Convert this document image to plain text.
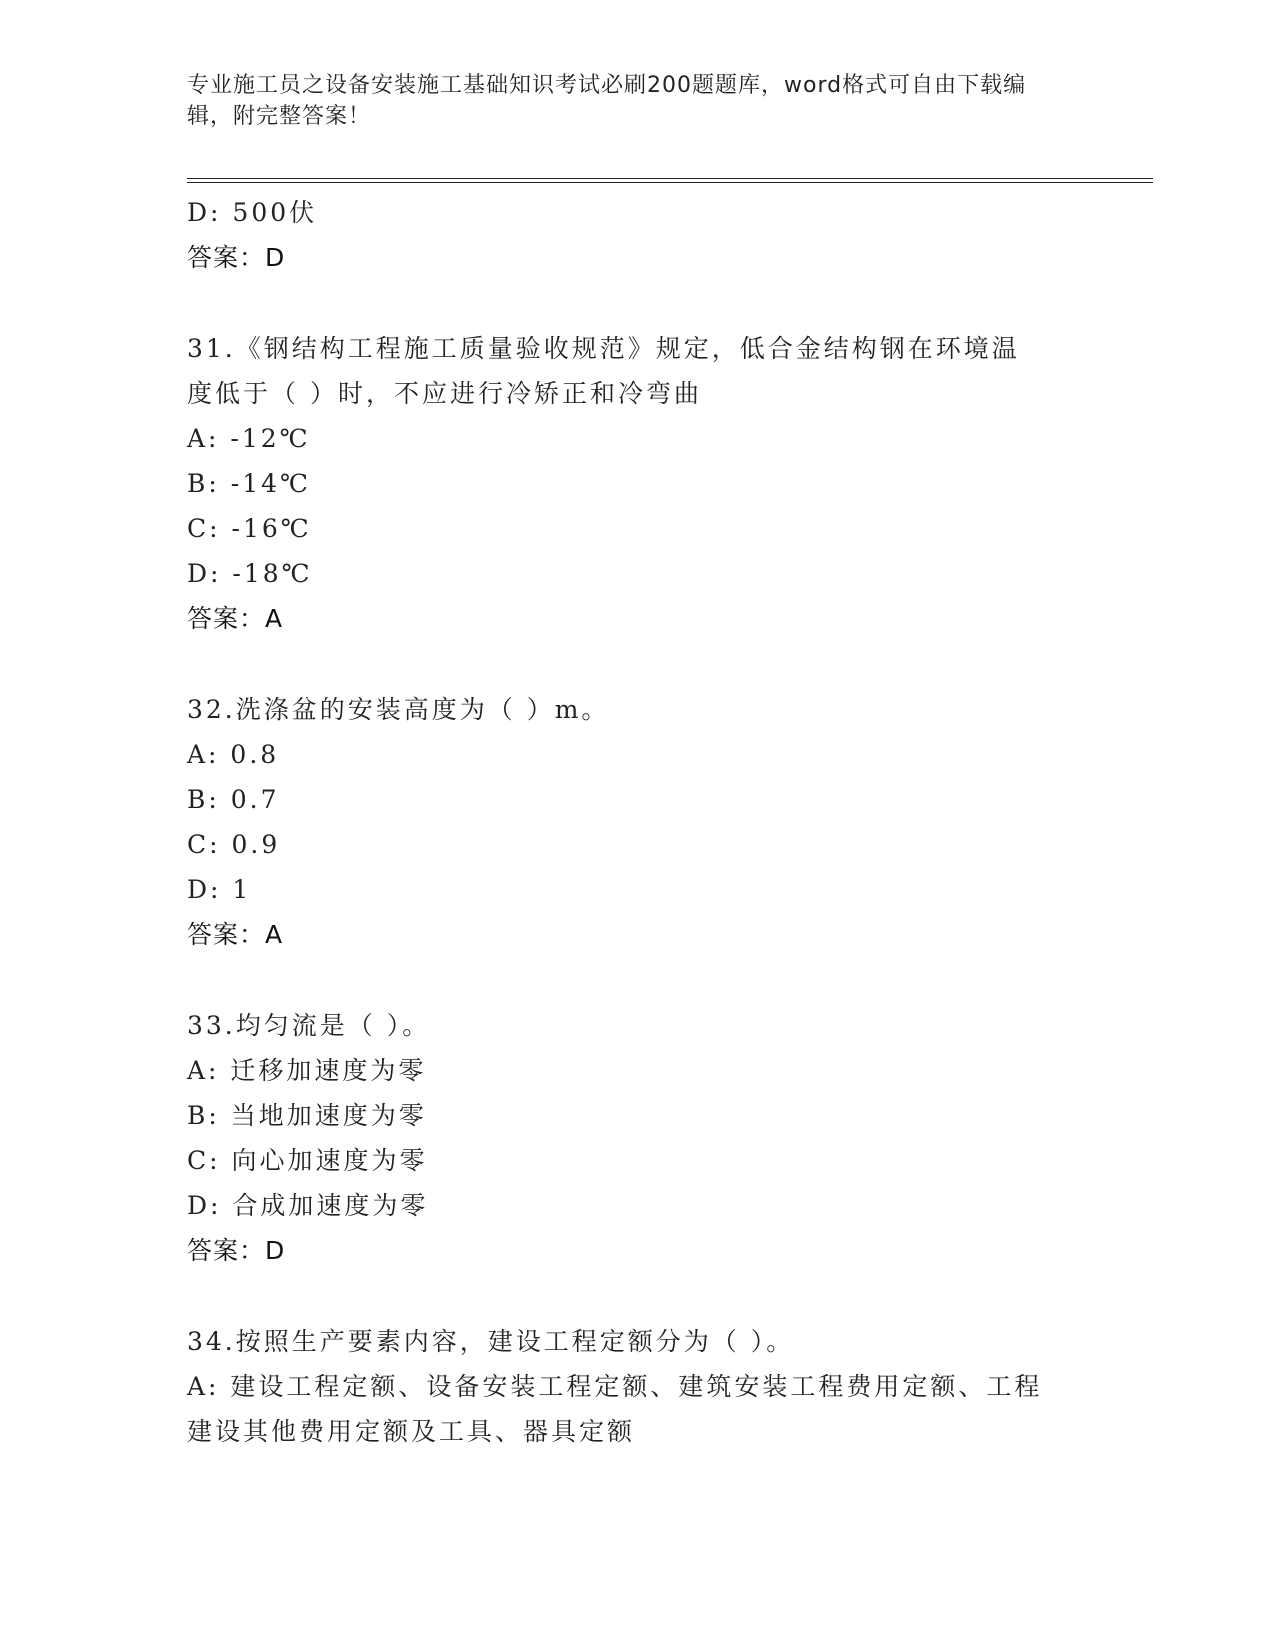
专业施工员之设备安装施工基础知识考试必刷200题题库，word格式可自由下载编辑，附完整答案！
D: 500伏
答案：D
31.《钢结构工程施工质量验收规范》规定，低合金结构钢在环境温度低于（ ）时，不应进行冷矫正和冷弯曲
A: -12℃
B: -14℃
C: -16℃
D: -18℃
答案：A
32.洗涤盆的安装高度为（ ）m。
A: 0.8
B: 0.7
C: 0.9
D: 1
答案：A
33.均匀流是（ ）。
A: 迁移加速度为零
B: 当地加速度为零
C: 向心加速度为零
D: 合成加速度为零
答案：D
34.按照生产要素内容，建设工程定额分为（ ）。
A: 建设工程定额、设备安装工程定额、建筑安装工程费用定额、工程建设其他费用定额及工具、器具定额
